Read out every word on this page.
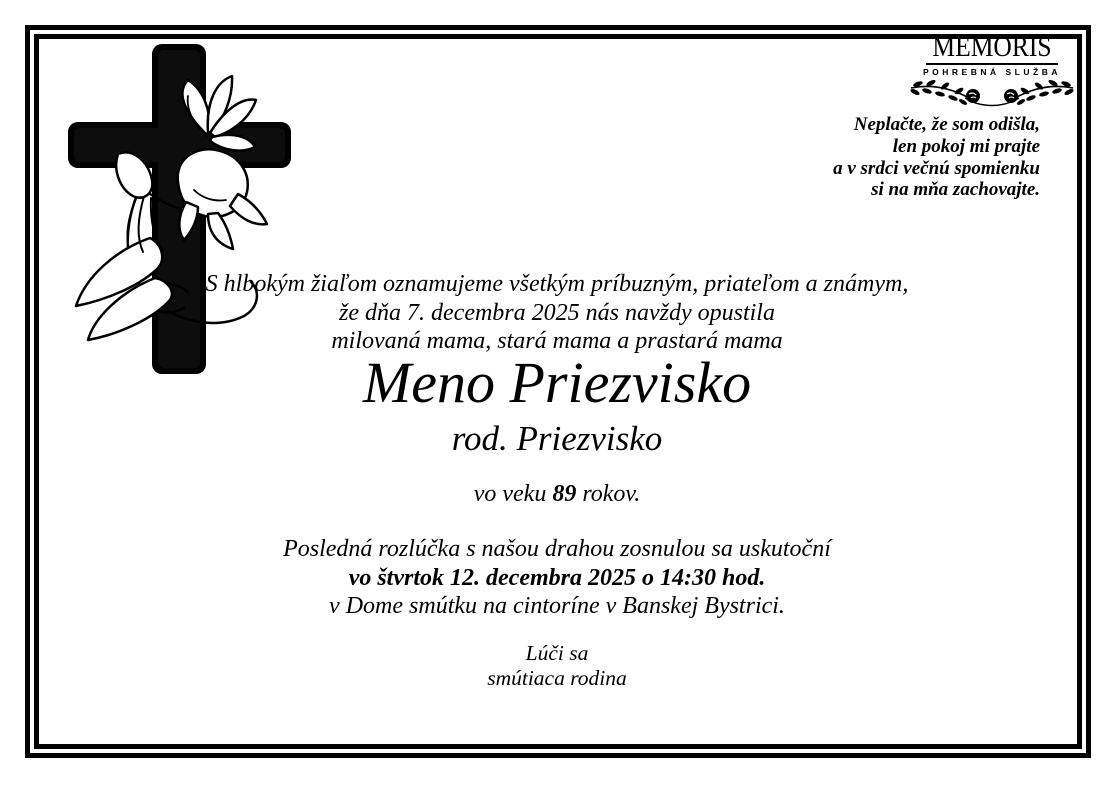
MEMORIS
POHREBNÁ SLUŽBA
Neplačte, že som odišla,
len pokoj mi prajte
a v srdci večnú spomienku
si na mňa zachovajte.
S hlbokým žiaľom oznamujeme všetkým príbuzným, priateľom a známym,
že dňa 7. decembra 2025 nás navždy opustila
milovaná mama, stará mama a prastará mama
Meno Priezvisko
rod. Priezvisko
vo veku 89 rokov.
Posledná rozlúčka s našou drahou zosnulou sa uskutoční
vo štvrtok 12. decembra 2025 o 14:30 hod.
v Dome smútku na cintoríne v Banskej Bystrici.
Lúči sa
smútiaca rodina
